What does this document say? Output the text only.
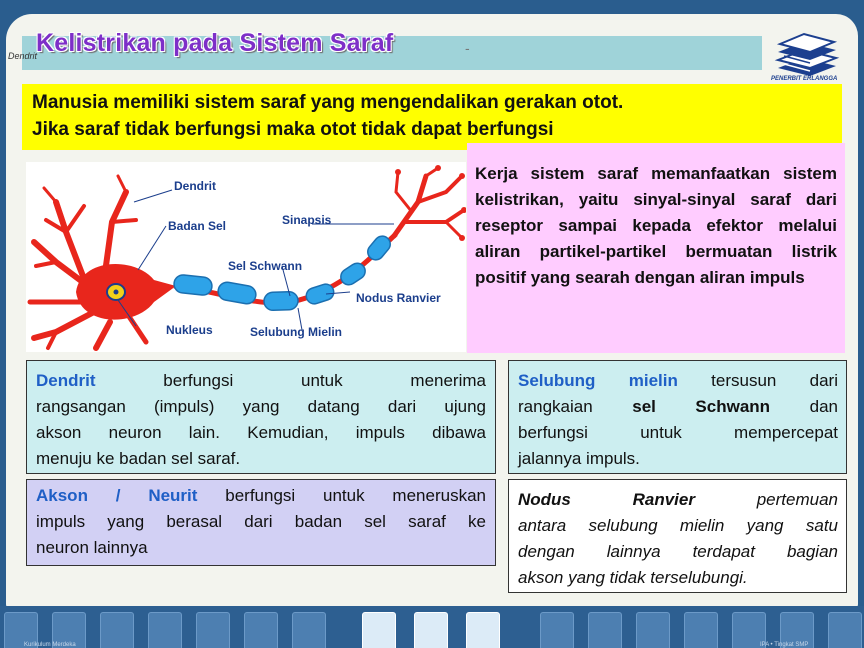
Kurikulum Merdeka	IPA • Tingkat SMP
Dendrit
Kelistrikan pada Sistem Saraf	-
PENERBIT ERLANGGA
Manusia memiliki sistem saraf yang mengendalikan gerakan otot.
Jika saraf tidak berfungsi maka otot tidak dapat berfungsi
Kerja sistem saraf memanfaatkan sistem kelistrikan, yaitu sinyal-sinyal saraf dari reseptor sampai kepada efektor melalui aliran partikel-partikel bermuatan listrik positif yang searah dengan aliran impuls
Dendrit
Badan Sel	Sinapsis
Sel Schwann
Nodus Ranvier
Nukleus	Selubung Mielin
Dendrit	berfungsi untuk menerima
rangsangan (impuls) yang datang dari ujung
akson neuron lain. Kemudian, impuls dibawa
menuju ke badan sel saraf.
Selubung mielin tersusun dari
rangkaian sel Schwann dan
berfungsi untuk mempercepat
jalannya impuls.
Akson / Neurit berfungsi untuk meneruskan
impuls yang berasal dari badan sel saraf ke
neuron lainnya
Nodus Ranvier	pertemuan
antara selubung mielin yang satu
dengan lainnya terdapat bagian
akson yang tidak terselubungi.
